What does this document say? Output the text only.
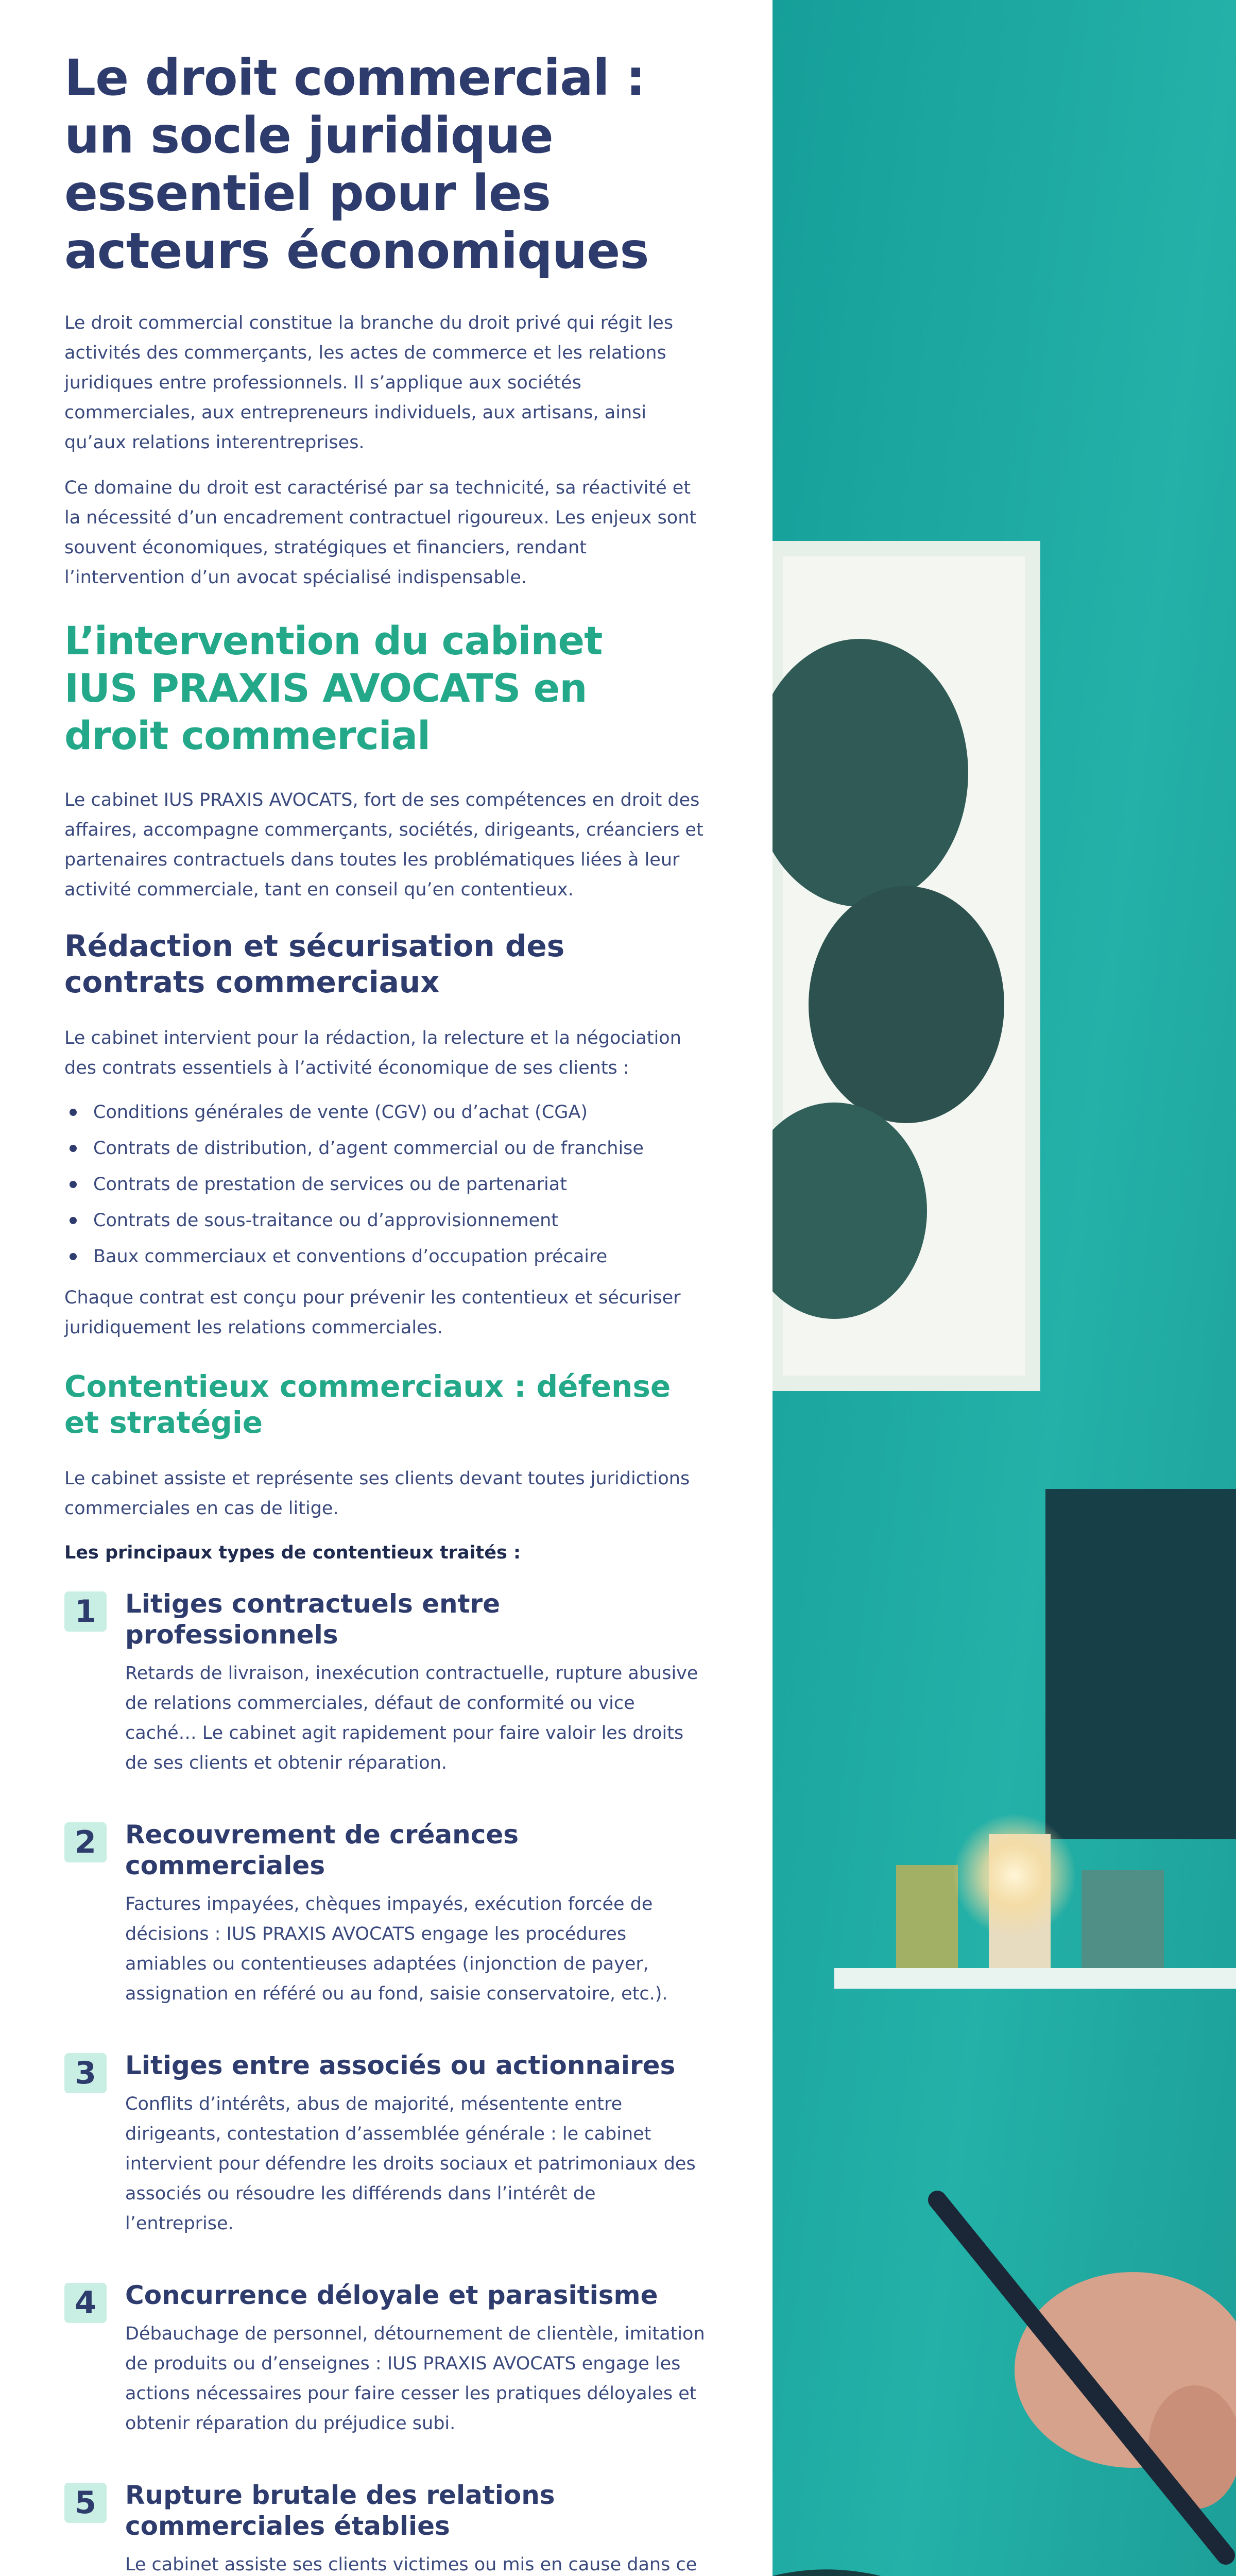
Le droit commercial :
un socle juridique
essentiel pour les
acteurs économiques

Le droit commercial constitue la branche du droit privé qui régit les activités des commerçants, les actes de commerce et les relations juridiques entre professionnels. Il s’applique aux sociétés commerciales, aux entrepreneurs individuels, aux artisans, ainsi qu’aux relations interentreprises.

Ce domaine du droit est caractérisé par sa technicité, sa réactivité et la nécessité d’un encadrement contractuel rigoureux. Les enjeux sont souvent économiques, stratégiques et financiers, rendant l’intervention d’un avocat spécialisé indispensable.

L’intervention du cabinet
IUS PRAXIS AVOCATS en
droit commercial

Le cabinet IUS PRAXIS AVOCATS, fort de ses compétences en droit des affaires, accompagne commerçants, sociétés, dirigeants, créanciers et partenaires contractuels dans toutes les problématiques liées à leur activité commerciale, tant en conseil qu’en contentieux.

Rédaction et sécurisation des
contrats commerciaux

Le cabinet intervient pour la rédaction, la relecture et la négociation des contrats essentiels à l’activité économique de ses clients :

Conditions générales de vente (CGV) ou d’achat (CGA)
Contrats de distribution, d’agent commercial ou de franchise
Contrats de prestation de services ou de partenariat
Contrats de sous-traitance ou d’approvisionnement
Baux commerciaux et conventions d’occupation précaire

Chaque contrat est conçu pour prévenir les contentieux et sécuriser juridiquement les relations commerciales.

Contentieux commerciaux : défense
et stratégie

Le cabinet assiste et représente ses clients devant toutes juridictions commerciales en cas de litige.

Les principaux types de contentieux traités :

1	Litiges contractuels entre
professionnels

Retards de livraison, inexécution contractuelle, rupture abusive de relations commerciales, défaut de conformité ou vice caché… Le cabinet agit rapidement pour faire valoir les droits de ses clients et obtenir réparation.

2	Recouvrement de créances
commerciales

Factures impayées, chèques impayés, exécution forcée de décisions : IUS PRAXIS AVOCATS engage les procédures amiables ou contentieuses adaptées (injonction de payer, assignation en référé ou au fond, saisie conservatoire, etc.).

3	Litiges entre associés ou actionnaires

Conflits d’intérêts, abus de majorité, mésentente entre dirigeants, contestation d’assemblée générale : le cabinet intervient pour défendre les droits sociaux et patrimoniaux des associés ou résoudre les différends dans l’intérêt de l’entreprise.

4	Concurrence déloyale et parasitisme

Débauchage de personnel, détournement de clientèle, imitation de produits ou d’enseignes : IUS PRAXIS AVOCATS engage les actions nécessaires pour faire cesser les pratiques déloyales et obtenir réparation du préjudice subi.

5	Rupture brutale des relations
commerciales établies

Le cabinet assiste ses clients victimes ou mis en cause dans ce
